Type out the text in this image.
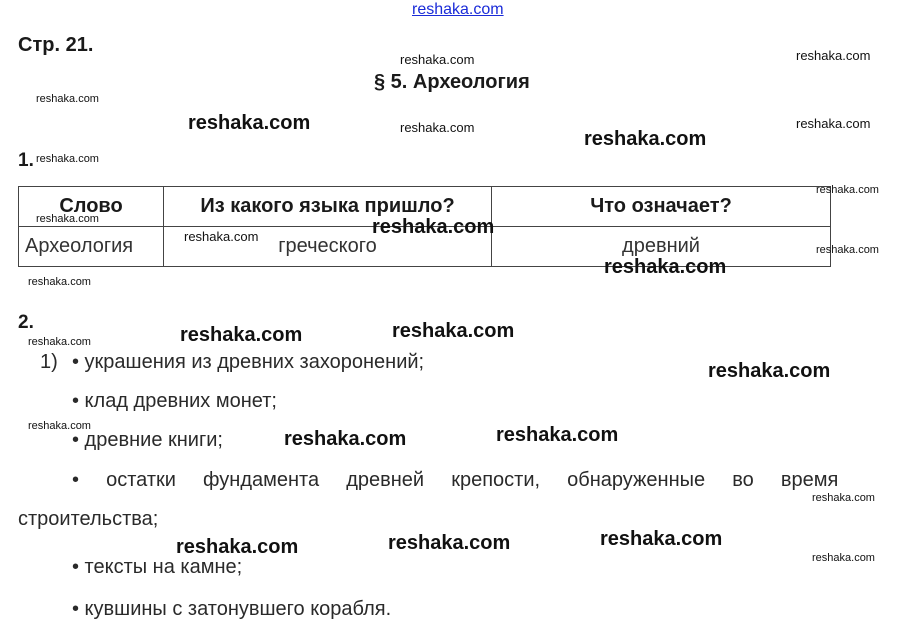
reshaka.com
Стр. 21.
§ 5. Археология
1.
Слово	Из какого языка пришло?	Что означает?
Археология	греческого	древний
2.
1) • украшения из древних захоронений;
• клад древних монет;
• древние книги;
•  остатки  фундамента  древней  крепости,  обнаруженные  во  время
строительства;
• тексты на камне;
• кувшины с затонувшего корабля.
reshaka.com	reshaka.com
reshaka.com
reshaka.com	reshaka.com	reshaka.com
reshaka.com
reshaka.com
reshaka.com
reshaka.com
reshaka.com	reshaka.com
reshaka.com
reshaka.com
reshaka.com
reshaka.com	reshaka.com
reshaka.com
reshaka.com
reshaka.com
reshaka.com	reshaka.com
reshaka.com
reshaka.com	reshaka.com	reshaka.com
reshaka.com
